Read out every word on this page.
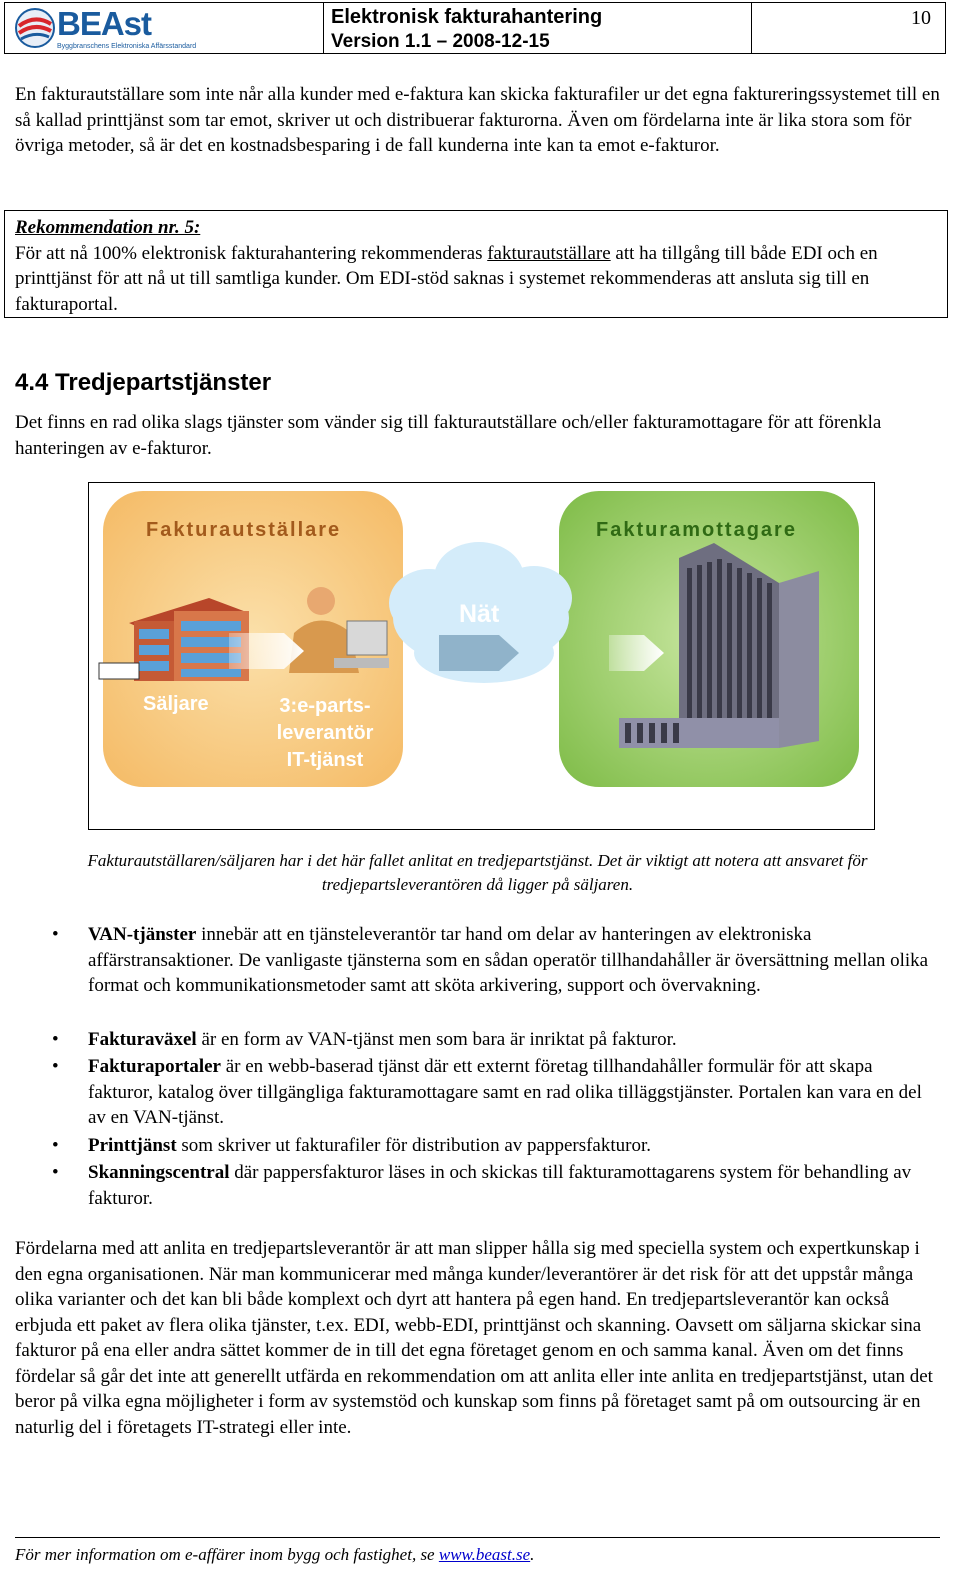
BEAst
Byggbranschens Elektroniska Affärsstandard
Elektronisk fakturahantering
Version 1.1 – 2008-12-15
10
En fakturautställare som inte når alla kunder med e-faktura kan skicka fakturafiler ur det egna faktureringssystemet till en så kallad printtjänst som tar emot, skriver ut och distribuerar fakturorna. Även om fördelarna inte är lika stora som för övriga metoder, så är det en kostnadsbesparing i de fall kunderna inte kan ta emot e-fakturor.
Rekommendation nr. 5:
För att nå 100% elektronisk fakturahantering rekommenderas fakturautställare att ha tillgång till både EDI och en printtjänst för att nå ut till samtliga kunder. Om EDI-stöd saknas i systemet rekommenderas att ansluta sig till en fakturaportal.
4.4 Tredjepartstjänster
Det finns en rad olika slags tjänster som vänder sig till fakturautställare och/eller fakturamottagare för att förenkla hanteringen av e-fakturor.
Fakturautställare	Fakturamottagare
Nät
Säljare	3:e-parts-
leverantör
IT-tjänst
Fakturautställaren/säljaren har i det här fallet anlitat en tredjepartstjänst. Det är viktigt att notera att ansvaret för tredjepartsleverantören då ligger på säljaren.
• VAN-tjänster innebär att en tjänsteleverantör tar hand om delar av hanteringen av elektroniska affärstransaktioner. De vanligaste tjänsterna som en sådan operatör tillhandahåller är översättning mellan olika format och kommunikationsmetoder samt att sköta arkivering, support och övervakning.
• Fakturaväxel är en form av VAN-tjänst men som bara är inriktat på fakturor.
• Fakturaportaler är en webb-baserad tjänst där ett externt företag tillhandahåller formulär för att skapa fakturor, katalog över tillgängliga fakturamottagare samt en rad olika tilläggstjänster. Portalen kan vara en del av en VAN-tjänst.
• Printtjänst som skriver ut fakturafiler för distribution av pappersfakturor.
• Skanningscentral där pappersfakturor läses in och skickas till fakturamottagarens system för behandling av fakturor.
Fördelarna med att anlita en tredjepartsleverantör är att man slipper hålla sig med speciella system och expertkunskap i den egna organisationen. När man kommunicerar med många kunder/leverantörer är det risk för att det uppstår många olika varianter och det kan bli både komplext och dyrt att hantera på egen hand. En tredjepartsleverantör kan också erbjuda ett paket av flera olika tjänster, t.ex. EDI, webb-EDI, printtjänst och skanning. Oavsett om säljarna skickar sina fakturor på ena eller andra sättet kommer de in till det egna företaget genom en och samma kanal. Även om det finns fördelar så går det inte att generellt utfärda en rekommendation om att anlita eller inte anlita en tredjepartstjänst, utan det beror på vilka egna möjligheter i form av systemstöd och kunskap som finns på företaget samt på om outsourcing är en naturlig del i företagets IT-strategi eller inte.
För mer information om e-affärer inom bygg och fastighet, se www.beast.se.
